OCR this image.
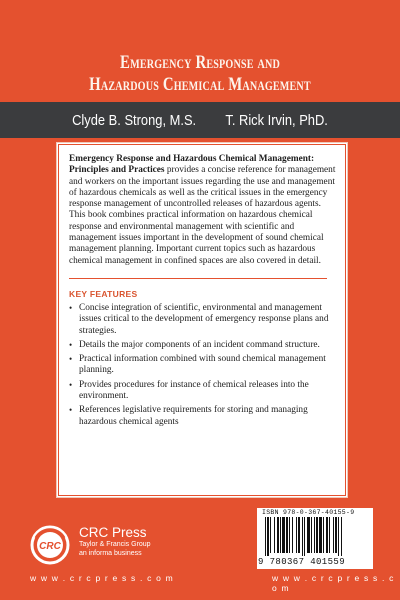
Emergency Response and
Hazardous Chemical Management
Clyde B. Strong, M.S. T. Rick Irvin, PhD.

Emergency Response and Hazardous Chemical Management: Principles and Practices provides a concise reference for management and workers on the important issues regarding the use and management of hazardous chemicals as well as the critical issues in the emergency response management of uncontrolled releases of hazardous agents. This book combines practical information on hazardous chemical response and environmental management with scientific and management issues important in the development of sound chemical management planning. Important current topics such as hazardous chemical management in confined spaces are also covered in detail.

KEY FEATURES
• Concise integration of scientific, environmental and management issues critical to the development of emergency response plans and strategies.
• Details the major components of an incident command structure.
• Practical information combined with sound chemical management planning.
• Provides procedures for instance of chemical releases into the environment.
• References legislative requirements for storing and managing hazardous chemical agents
CRC
CRC Press
Taylor & Francis Group
an informa business
w w w . c r c p r e s s . c o m	w w w . c r c p r e s s . c o m
ISBN 978-0-367-40155-9
9 780367 401559
